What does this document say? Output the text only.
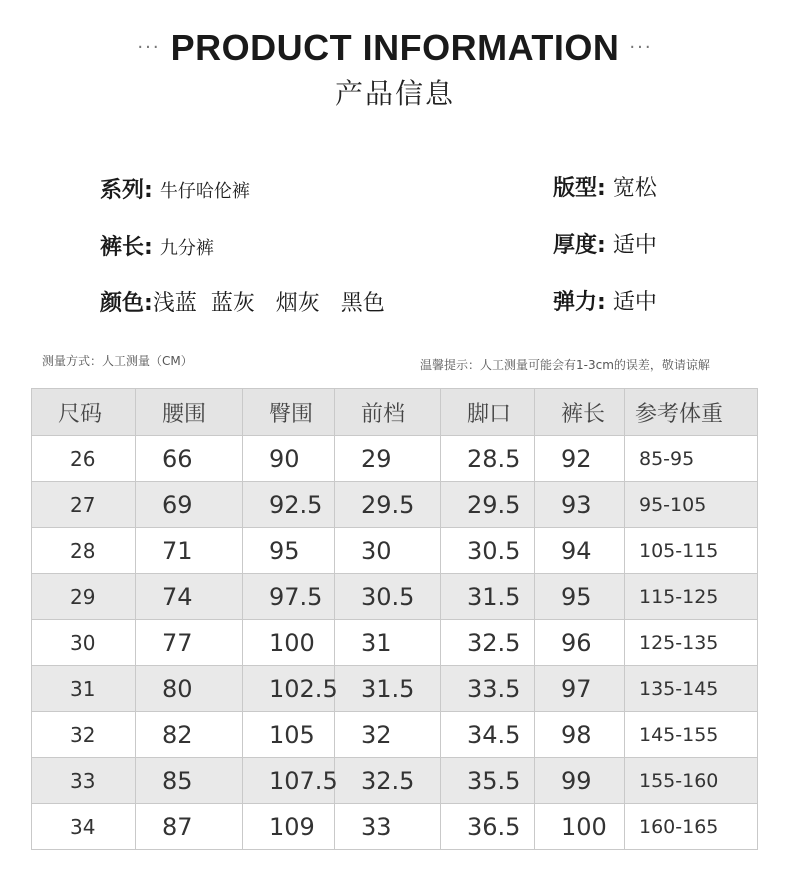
··· PRODUCT INFORMATION ···
产品信息
系列: 牛仔哈伦裤	版型: 宽松
裤长: 九分裤	厚度: 适中
颜色:浅蓝  蓝灰   烟灰   黑色	弹力: 适中
测量方式：人工测量（CM）	温馨提示：人工测量可能会有1-3cm的误差，敬请谅解
尺码	腰围	臀围	前档	脚口	裤长	参考体重
26	66	90	29	28.5	92	85-95
27	69	92.5	29.5	29.5	93	95-105
28	71	95	30	30.5	94	105-115
29	74	97.5	30.5	31.5	95	115-125
30	77	100	31	32.5	96	125-135
31	80	102.5	31.5	33.5	97	135-145
32	82	105	32	34.5	98	145-155
33	85	107.5	32.5	35.5	99	155-160
34	87	109	33	36.5	100	160-165
